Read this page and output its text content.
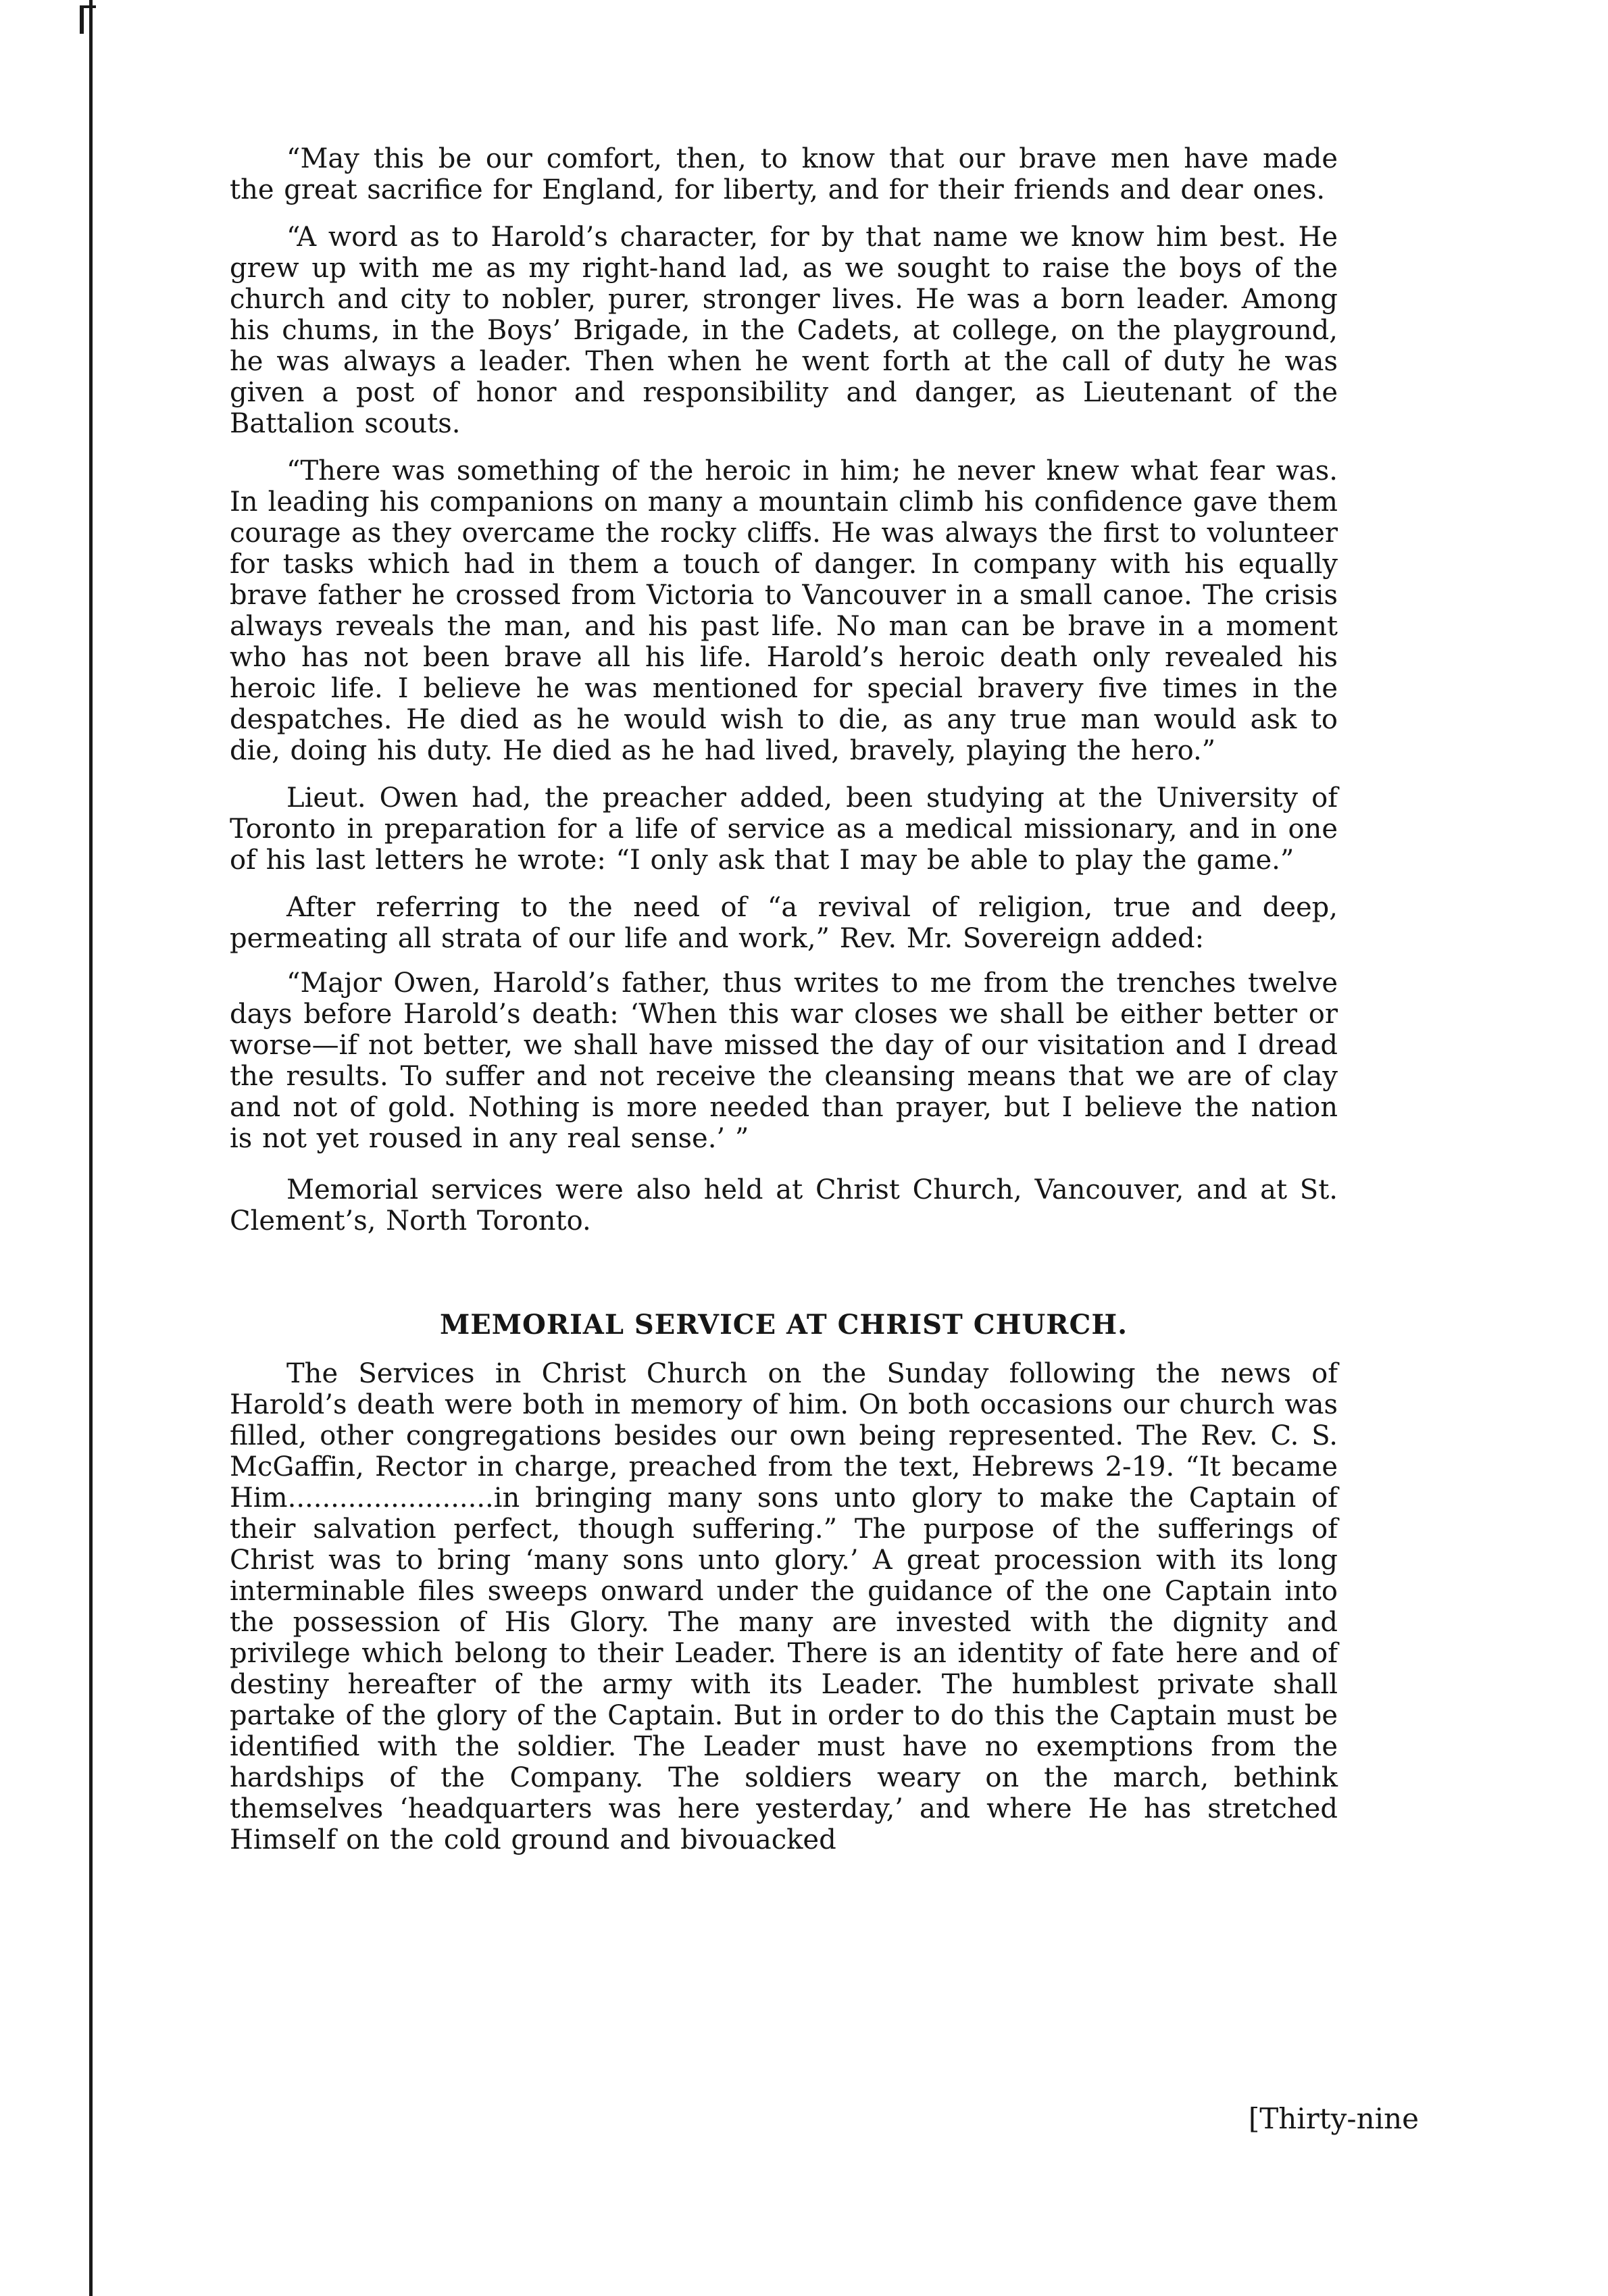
“May this be our comfort, then, to know that our brave men have made the great sacrifice for England, for liberty, and for their friends and dear ones.

“A word as to Harold’s character, for by that name we know him best. He grew up with me as my right-hand lad, as we sought to raise the boys of the church and city to nobler, purer, stronger lives. He was a born leader. Among his chums, in the Boys’ Brigade, in the Cadets, at college, on the playground, he was always a leader. Then when he went forth at the call of duty he was given a post of honor and responsibility and danger, as Lieutenant of the Battalion scouts.

“There was something of the heroic in him; he never knew what fear was. In leading his companions on many a mountain climb his confidence gave them courage as they overcame the rocky cliffs. He was always the first to volunteer for tasks which had in them a touch of danger. In company with his equally brave father he crossed from Victoria to Vancouver in a small canoe. The crisis always reveals the man, and his past life. No man can be brave in a moment who has not been brave all his life. Harold’s heroic death only revealed his heroic life. I believe he was mentioned for special bravery five times in the despatches. He died as he would wish to die, as any true man would ask to die, doing his duty. He died as he had lived, bravely, playing the hero.”

Lieut. Owen had, the preacher added, been studying at the University of Toronto in preparation for a life of service as a medical missionary, and in one of his last letters he wrote: “I only ask that I may be able to play the game.”

After referring to the need of “a revival of religion, true and deep, permeating all strata of our life and work,” Rev. Mr. Sovereign added:

“Major Owen, Harold’s father, thus writes to me from the trenches twelve days before Harold’s death: ‘When this war closes we shall be either better or worse—if not better, we shall have missed the day of our visitation and I dread the results. To suffer and not receive the cleansing means that we are of clay and not of gold. Nothing is more needed than prayer, but I believe the nation is not yet roused in any real sense.’ ”

Memorial services were also held at Christ Church, Vancouver, and at St. Clement’s, North Toronto.

MEMORIAL SERVICE AT CHRIST CHURCH.

The Services in Christ Church on the Sunday following the news of Harold’s death were both in memory of him. On both occasions our church was filled, other congregations besides our own being represented. The Rev. C. S. McGaffin, Rector in charge, preached from the text, Hebrews 2-19. “It became Him........................in bringing many sons unto glory to make the Captain of their salvation perfect, though suffering.” The purpose of the sufferings of Christ was to bring ‘many sons unto glory.’ A great procession with its long interminable files sweeps onward under the guidance of the one Captain into the possession of His Glory. The many are invested with the dignity and privilege which belong to their Leader. There is an identity of fate here and of destiny hereafter of the army with its Leader. The humblest private shall partake of the glory of the Captain. But in order to do this the Captain must be identified with the soldier. The Leader must have no exemptions from the hardships of the Company. The soldiers weary on the march, bethink themselves ‘headquarters was here yesterday,’ and where He has stretched Himself on the cold ground and bivouacked

[Thirty-nine
